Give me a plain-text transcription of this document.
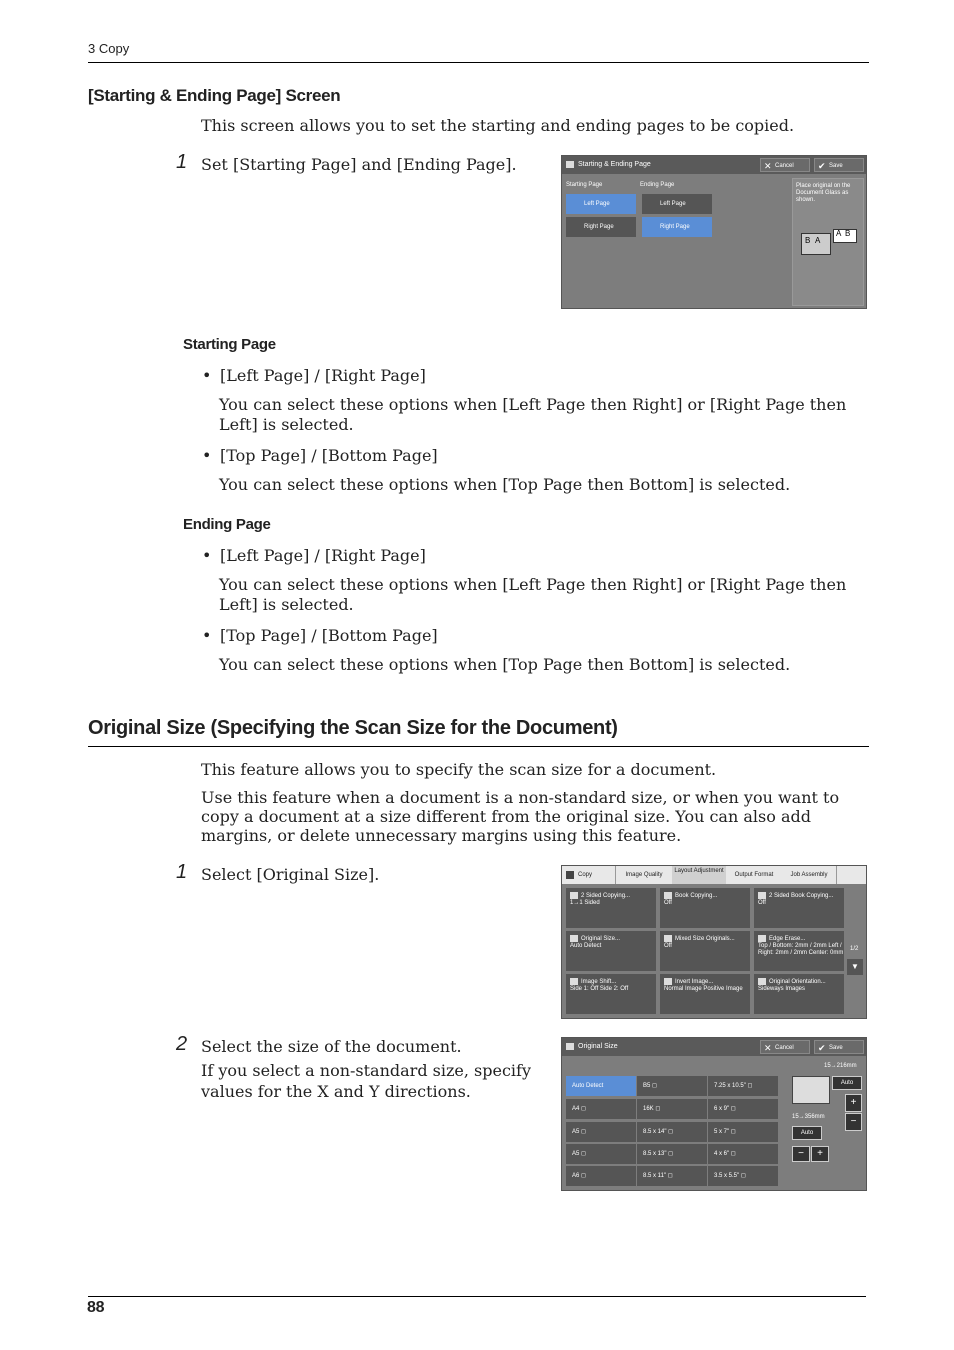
3 Copy
[Starting & Ending Page] Screen
This screen allows you to set the starting and ending pages to be copied.
1 Set [Starting Page] and [Ending Page].	Starting & Ending Page	Cancel
✕	Save
✔
Starting Page	Ending Page
Left Page
Right Page
Left Page
Right Page
Place original on the Document Glass as shown.
B A
A B
Starting Page
• [Left Page] / [Right Page]
You can select these options when [Left Page then Right] or [Right Page then Left] is selected.
• [Top Page] / [Bottom Page]
You can select these options when [Top Page then Bottom] is selected.
Ending Page
• [Left Page] / [Right Page]
You can select these options when [Left Page then Right] or [Right Page then Left] is selected.
• [Top Page] / [Bottom Page]
You can select these options when [Top Page then Bottom] is selected.
Original Size (Specifying the Scan Size for the Document)
This feature allows you to specify the scan size for a document.
Use this feature when a document is a non-standard size, or when you want to copy a document at a size different from the original size. You can also add margins, or delete unnecessary margins using this feature.
1 Select [Original Size].	Copy	Image Quality
Layout Adjustment
Output Format	Job Assembly
2 Sided Copying...
1→1 Sided
Book Copying...
Off
2 Sided Book Copying...
Off
Original Size...
Auto Detect
Mixed Size Originals...
Off
Edge Erase...
Top / Bottom: 2mm / 2mm Left / Right: 2mm / 2mm Center: 0mm
Image Shift...
Side 1: Off Side 2: Off
Invert Image...
Normal Image Positive Image
Original Orientation...
Sideways Images
1/2
▼
2 Select the size of the document.
If you select a non-standard size, specify values for the X and Y directions.
Original Size	Cancel
✕	Save
✔
Auto Detect	B5 ◻	7.25 x 10.5" ◻
A4 ◻	16K ◻	6 x 9" ◻
A5 ◻	8.5 x 14" ◻	5 x 7" ◻
A5 ◻	8.5 x 13" ◻	4 x 6" ◻
A6 ◻	8.5 x 11" ◻	3.5 x 5.5" ◻
15→216mm
Auto
+
−
15→356mm
Auto
−	+
88
